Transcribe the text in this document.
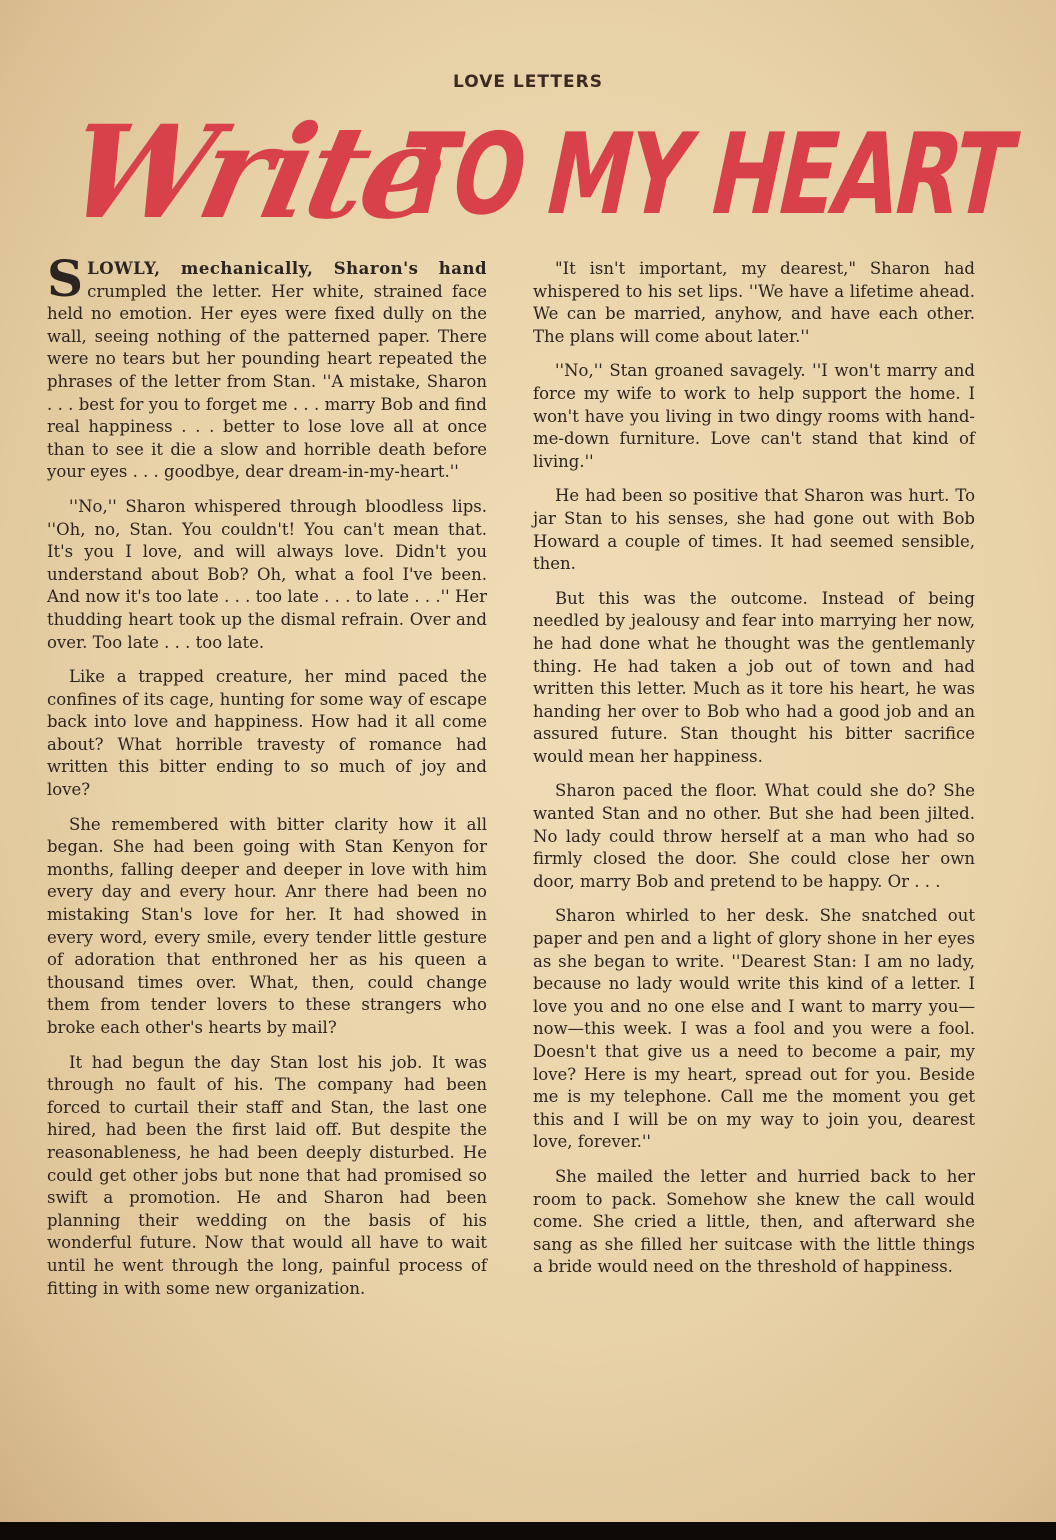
LOVE LETTERS
Write
TO MY HEART

SLOWLY, mechanically, Sharon's hand crumpled the letter. Her white, strained face held no emotion. Her eyes were fixed dully on the wall, seeing nothing of the patterned paper. There were no tears but her pounding heart repeated the phrases of the letter from Stan. ''A mistake, Sharon . . . best for you to forget me . . . marry Bob and find real happiness . . . better to lose love all at once than to see it die a slow and horrible death before your eyes . . . goodbye, dear dream-in-my-heart.''

''No,'' Sharon whispered through bloodless lips. ''Oh, no, Stan. You couldn't! You can't mean that. It's you I love, and will always love. Didn't you understand about Bob? Oh, what a fool I've been. And now it's too late . . . too late . . . to late . . .'' Her thudding heart took up the dismal refrain. Over and over. Too late . . . too late.

Like a trapped creature, her mind paced the confines of its cage, hunting for some way of escape back into love and happiness. How had it all come about? What horrible travesty of romance had written this bitter ending to so much of joy and love?

She remembered with bitter clarity how it all began. She had been going with Stan Kenyon for months, falling deeper and deeper in love with him every day and every hour. Anr there had been no mistaking Stan's love for her. It had showed in every word, every smile, every tender little gesture of adoration that enthroned her as his queen a thousand times over. What, then, could change them from tender lovers to these strangers who broke each other's hearts by mail?

It had begun the day Stan lost his job. It was through no fault of his. The company had been forced to curtail their staff and Stan, the last one hired, had been the first laid off. But despite the reasonableness, he had been deeply disturbed. He could get other jobs but none that had promised so swift a promotion. He and Sharon had been planning their wedding on the basis of his wonderful future. Now that would all have to wait until he went through the long, painful process of fitting in with some new organization.

"It isn't important, my dearest," Sharon had whispered to his set lips. ''We have a lifetime ahead. We can be married, anyhow, and have each other. The plans will come about later.''

''No,'' Stan groaned savagely. ''I won't marry and force my wife to work to help support the home. I won't have you living in two dingy rooms with hand-me-down furniture. Love can't stand that kind of living.''

He had been so positive that Sharon was hurt. To jar Stan to his senses, she had gone out with Bob Howard a couple of times. It had seemed sensible, then.

But this was the outcome. Instead of being needled by jealousy and fear into marrying her now, he had done what he thought was the gentlemanly thing. He had taken a job out of town and had written this letter. Much as it tore his heart, he was handing her over to Bob who had a good job and an assured future. Stan thought his bitter sacrifice would mean her happiness.

Sharon paced the floor. What could she do? She wanted Stan and no other. But she had been jilted. No lady could throw herself at a man who had so firmly closed the door. She could close her own door, marry Bob and pretend to be happy. Or . . .

Sharon whirled to her desk. She snatched out paper and pen and a light of glory shone in her eyes as she began to write. ''Dearest Stan: I am no lady, because no lady would write this kind of a letter. I love you and no one else and I want to marry you—now—this week. I was a fool and you were a fool. Doesn't that give us a need to become a pair, my love? Here is my heart, spread out for you. Beside me is my telephone. Call me the moment you get this and I will be on my way to join you, dearest love, forever.''

She mailed the letter and hurried back to her room to pack. Somehow she knew the call would come. She cried a little, then, and afterward she sang as she filled her suitcase with the little things a bride would need on the threshold of happiness.
